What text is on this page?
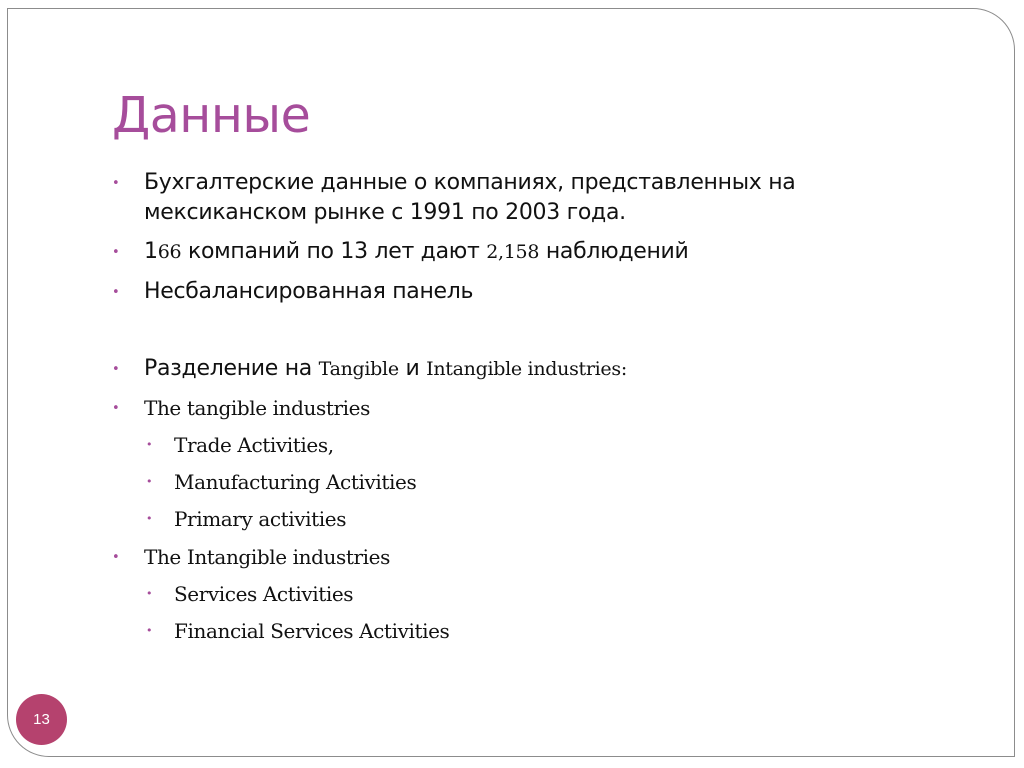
Данные
• Бухгалтерские данные о компаниях, представленных на мексиканском рынке с 1991 по 2003 года.
• 166 компаний по 13 лет дают 2,158 наблюдений
• Несбалансированная панель
• Разделение на Tangible и Intangible industries:
• The tangible industries
• Trade Activities,
• Manufacturing Activities
• Primary activities
• The Intangible industries
• Services Activities
• Financial Services Activities
13
